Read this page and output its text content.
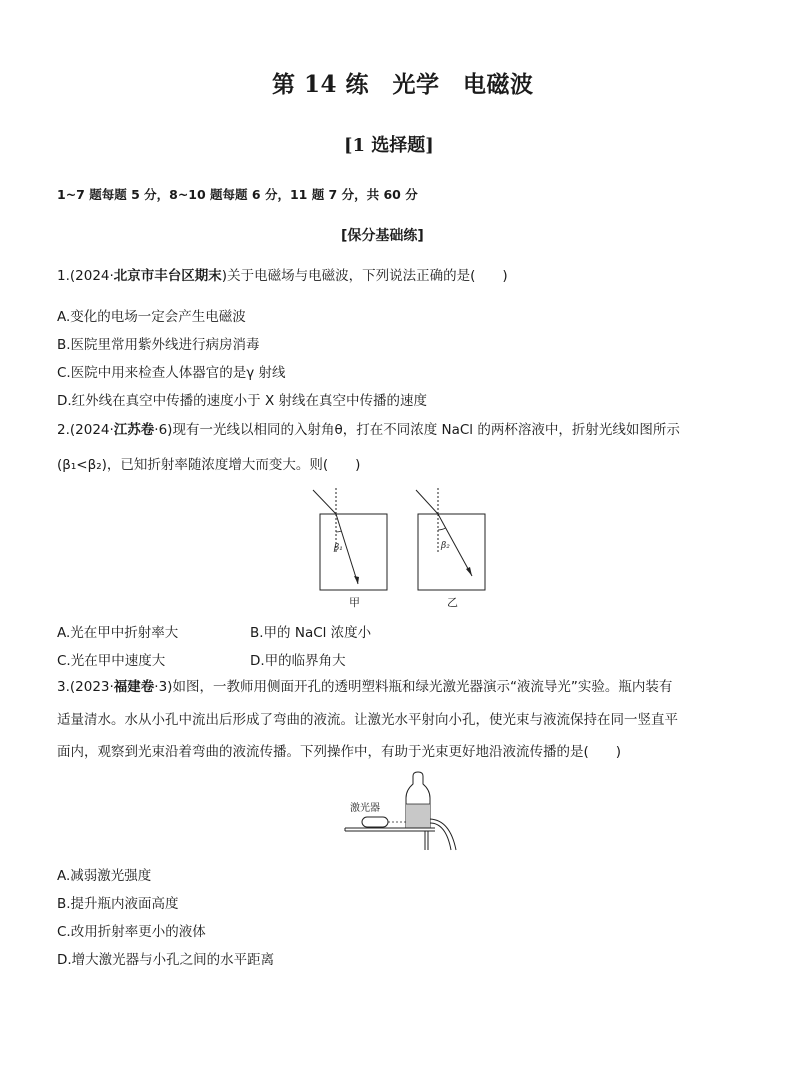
第 14 练　光学　电磁波
[1 选择题]
1~7 题每题 5 分，8~10 题每题 6 分，11 题 7 分，共 60 分
[保分基础练]
1.(2024·北京市丰台区期末)关于电磁场与电磁波，下列说法正确的是(　　)
A.变化的电场一定会产生电磁波
B.医院里常用紫外线进行病房消毒
C.医院中用来检查人体器官的是γ 射线
D.红外线在真空中传播的速度小于 X 射线在真空中传播的速度
2.(2024·江苏卷·6)现有一光线以相同的入射角θ，打在不同浓度 NaCl 的两杯溶液中，折射光线如图所示
(β₁<β₂)，已知折射率随浓度增大而变大。则(　　)
β₁
甲
β₂
乙
A.光在甲中折射率大	B.甲的 NaCl 浓度小
C.光在甲中速度大	D.甲的临界角大
3.(2023·福建卷·3)如图，一教师用侧面开孔的透明塑料瓶和绿光激光器演示“液流导光”实验。瓶内装有
适量清水。水从小孔中流出后形成了弯曲的液流。让激光水平射向小孔，使光束与液流保持在同一竖直平
面内，观察到光束沿着弯曲的液流传播。下列操作中，有助于光束更好地沿液流传播的是(　　)
激光器
A.减弱激光强度
B.提升瓶内液面高度
C.改用折射率更小的液体
D.增大激光器与小孔之间的水平距离
